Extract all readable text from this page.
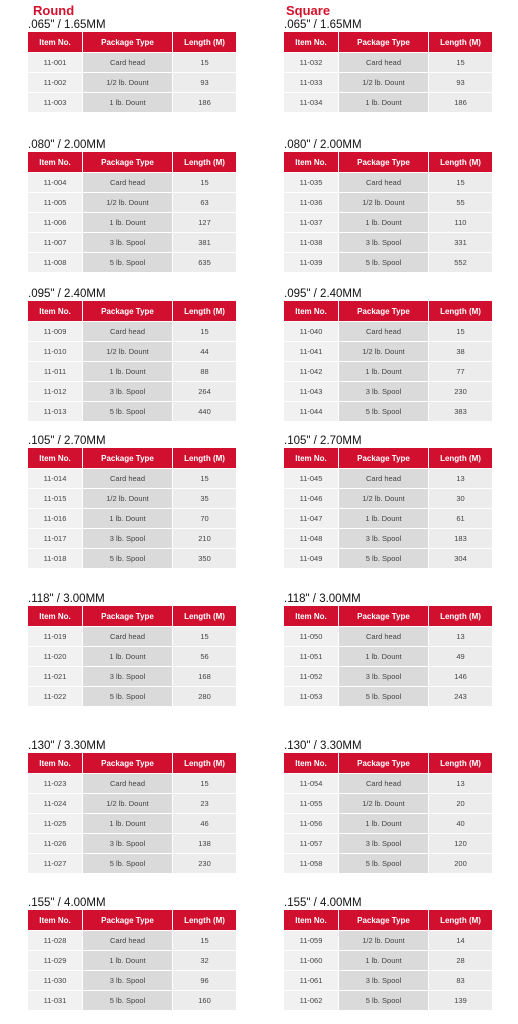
Round	Square
.065" / 1.65MM
Item No.	Package Type	Length (M)
11-001	Card head	15
11-002	1/2 lb. Dount	93
11-003	1 lb. Dount	186
.080" / 2.00MM
Item No.	Package Type	Length (M)
11-004	Card head	15
11-005	1/2 lb. Dount	63
11-006	1 lb. Dount	127
11-007	3 lb. Spool	381
11-008	5 lb. Spool	635
.095" / 2.40MM
Item No.	Package Type	Length (M)
11-009	Card head	15
11-010	1/2 lb. Dount	44
11-011	1 lb. Dount	88
11-012	3 lb. Spool	264
11-013	5 lb. Spool	440
.105" / 2.70MM
Item No.	Package Type	Length (M)
11-014	Card head	15
11-015	1/2 lb. Dount	35
11-016	1 lb. Dount	70
11-017	3 lb. Spool	210
11-018	5 lb. Spool	350
.118" / 3.00MM
Item No.	Package Type	Length (M)
11-019	Card head	15
11-020	1 lb. Dount	56
11-021	3 lb. Spool	168
11-022	5 lb. Spool	280
.130" / 3.30MM
Item No.	Package Type	Length (M)
11-023	Card head	15
11-024	1/2 lb. Dount	23
11-025	1 lb. Dount	46
11-026	3 lb. Spool	138
11-027	5 lb. Spool	230
.155" / 4.00MM
Item No.	Package Type	Length (M)
11-028	Card head	15
11-029	1 lb. Dount	32
11-030	3 lb. Spool	96
11-031	5 lb. Spool	160
.065" / 1.65MM
Item No.	Package Type	Length (M)
11-032	Card head	15
11-033	1/2 lb. Dount	93
11-034	1 lb. Dount	186
.080" / 2.00MM
Item No.	Package Type	Length (M)
11-035	Card head	15
11-036	1/2 lb. Dount	55
11-037	1 lb. Dount	110
11-038	3 lb. Spool	331
11-039	5 lb. Spool	552
.095" / 2.40MM
Item No.	Package Type	Length (M)
11-040	Card head	15
11-041	1/2 lb. Dount	38
11-042	1 lb. Dount	77
11-043	3 lb. Spool	230
11-044	5 lb. Spool	383
.105" / 2.70MM
Item No.	Package Type	Length (M)
11-045	Card head	13
11-046	1/2 lb. Dount	30
11-047	1 lb. Dount	61
11-048	3 lb. Spool	183
11-049	5 lb. Spool	304
.118" / 3.00MM
Item No.	Package Type	Length (M)
11-050	Card head	13
11-051	1 lb. Dount	49
11-052	3 lb. Spool	146
11-053	5 lb. Spool	243
.130" / 3.30MM
Item No.	Package Type	Length (M)
11-054	Card head	13
11-055	1/2 lb. Dount	20
11-056	1 lb. Dount	40
11-057	3 lb. Spool	120
11-058	5 lb. Spool	200
.155" / 4.00MM
Item No.	Package Type	Length (M)
11-059	1/2 lb. Dount	14
11-060	1 lb. Dount	28
11-061	3 lb. Spool	83
11-062	5 lb. Spool	139
